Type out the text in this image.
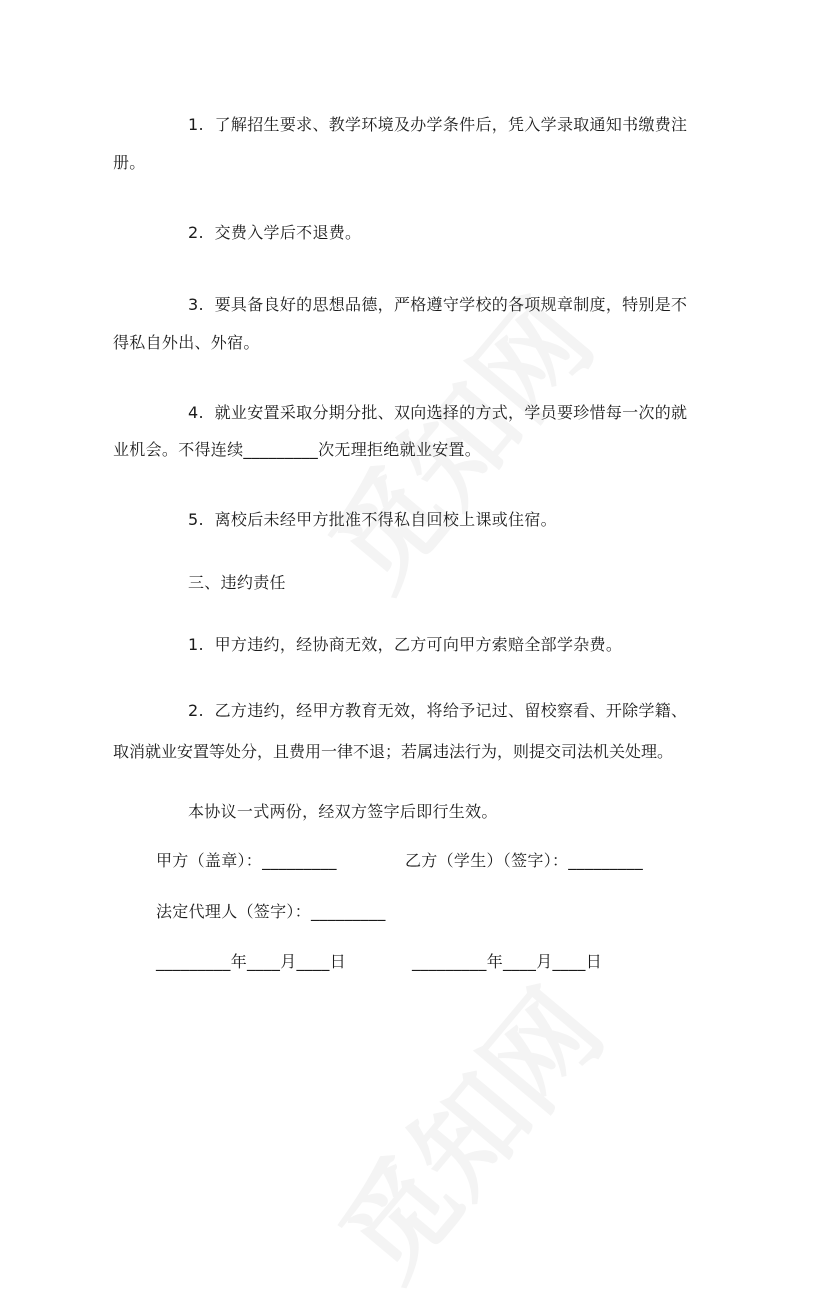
1.  了解招生要求、教学环境及办学条件后，凭入学录取通知书缴费注
册。
2.  交费入学后不退费。
3.  要具备良好的思想品德，严格遵守学校的各项规章制度，特别是不
得私自外出、外宿。
4.  就业安置采取分期分批、双向选择的方式，学员要珍惜每一次的就
业机会。不得连续_________次无理拒绝就业安置。
5.  离校后未经甲方批准不得私自回校上课或住宿。
三、违约责任
1.  甲方违约，经协商无效，乙方可向甲方索赔全部学杂费。
2.  乙方违约，经甲方教育无效，将给予记过、留校察看、开除学籍、
取消就业安置等处分，且费用一律不退；若属违法行为，则提交司法机关处理。
本协议一式两份，经双方签字后即行生效。
甲方（盖章）：_________	乙方（学生）（签字）：_________
法定代理人（签字）：_________
_________年____月____日	_________年____月____日
